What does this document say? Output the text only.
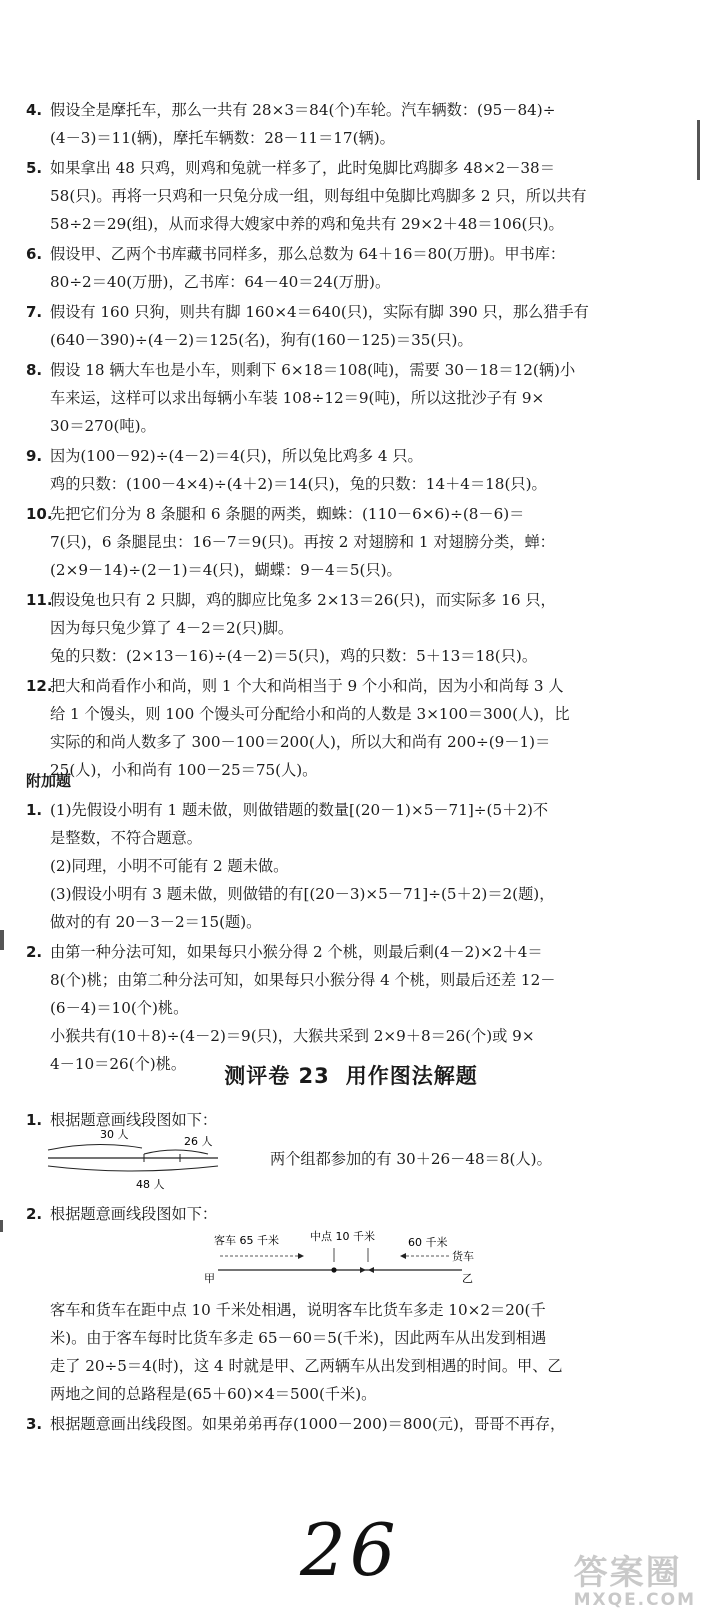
4. 假设全是摩托车，那么一共有 28×3＝84(个)车轮。汽车辆数：(95－84)÷
(4－3)＝11(辆)，摩托车辆数：28－11＝17(辆)。
5. 如果拿出 48 只鸡，则鸡和兔就一样多了，此时兔脚比鸡脚多 48×2－38＝
58(只)。再将一只鸡和一只兔分成一组，则每组中兔脚比鸡脚多 2 只，所以共有
58÷2＝29(组)，从而求得大嫂家中养的鸡和兔共有 29×2＋48＝106(只)。
6. 假设甲、乙两个书库藏书同样多，那么总数为 64＋16＝80(万册)。甲书库：
80÷2＝40(万册)，乙书库：64－40＝24(万册)。
7. 假设有 160 只狗，则共有脚 160×4＝640(只)，实际有脚 390 只，那么猎手有
(640－390)÷(4－2)＝125(名)，狗有(160－125)＝35(只)。
8. 假设 18 辆大车也是小车，则剩下 6×18＝108(吨)，需要 30－18＝12(辆)小
车来运，这样可以求出每辆小车装 108÷12＝9(吨)，所以这批沙子有 9×
30＝270(吨)。
9. 因为(100－92)÷(4－2)＝4(只)，所以兔比鸡多 4 只。
鸡的只数：(100－4×4)÷(4＋2)＝14(只)，兔的只数：14＋4＝18(只)。
10.
先把它们分为 8 条腿和 6 条腿的两类，蜘蛛：(110－6×6)÷(8－6)＝
7(只)，6 条腿昆虫：16－7＝9(只)。再按 2 对翅膀和 1 对翅膀分类，蝉：
(2×9－14)÷(2－1)＝4(只)，蝴蝶：9－4＝5(只)。
11.
假设兔也只有 2 只脚，鸡的脚应比兔多 2×13＝26(只)，而实际多 16 只，
因为每只兔少算了 4－2＝2(只)脚。
兔的只数：(2×13－16)÷(4－2)＝5(只)，鸡的只数：5＋13＝18(只)。
12.
把大和尚看作小和尚，则 1 个大和尚相当于 9 个小和尚，因为小和尚每 3 人
给 1 个馒头，则 100 个馒头可分配给小和尚的人数是 3×100＝300(人)，比
实际的和尚人数多了 300－100＝200(人)，所以大和尚有 200÷(9－1)＝
25(人)，小和尚有 100－25＝75(人)。
附加题
1. (1)先假设小明有 1 题未做，则做错题的数量[(20－1)×5－71]÷(5＋2)不
是整数，不符合题意。
(2)同理，小明不可能有 2 题未做。
(3)假设小明有 3 题未做，则做错的有[(20－3)×5－71]÷(5＋2)＝2(题)，
做对的有 20－3－2＝15(题)。
2. 由第一种分法可知，如果每只小猴分得 2 个桃，则最后剩(4－2)×2＋4＝
8(个)桃；由第二种分法可知，如果每只小猴分得 4 个桃，则最后还差 12－
(6－4)＝10(个)桃。
小猴共有(10＋8)÷(4－2)＝9(只)，大猴共采到 2×9＋8＝26(个)或 9×
4－10＝26(个)桃。	测评卷 23 用作图法解题
1. 根据题意画线段图如下：
30 人
26 人
48 人
两个组都参加的有 30＋26－48＝8(人)。
2. 根据题意画线段图如下：
客车 65 千米	中点 10 千米	60 千米
货车
甲	乙
客车和货车在距中点 10 千米处相遇，说明客车比货车多走 10×2＝20(千
米)。由于客车每时比货车多走 65－60＝5(千米)，因此两车从出发到相遇
走了 20÷5＝4(时)，这 4 时就是甲、乙两辆车从出发到相遇的时间。甲、乙
两地之间的总路程是(65＋60)×4＝500(千米)。
3. 根据题意画出线段图。如果弟弟再存(1000－200)＝800(元)，哥哥不再存，
26	答案圈
MXQE.COM
